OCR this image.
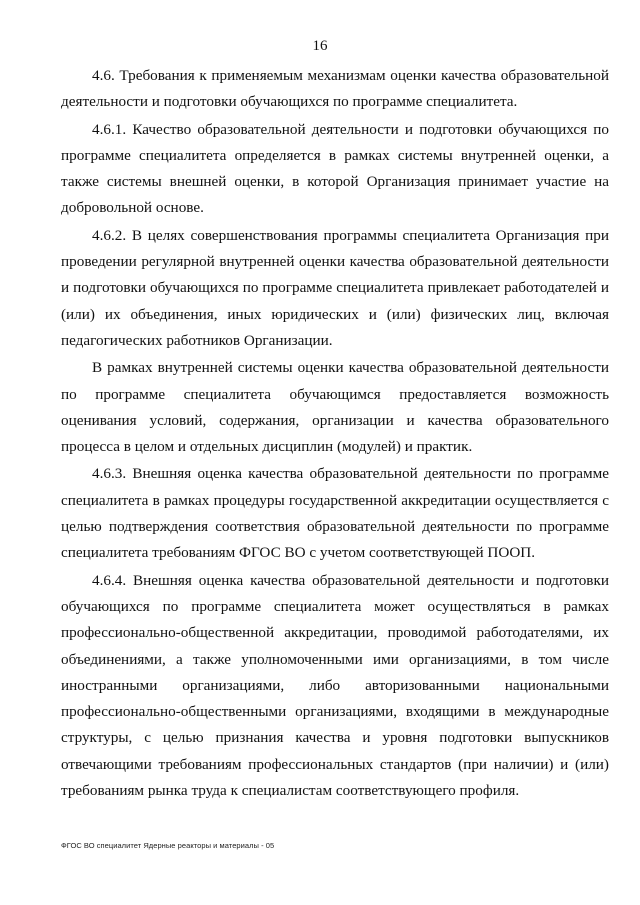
16

4.6. Требования к применяемым механизмам оценки качества образовательной деятельности и подготовки обучающихся по программе специалитета.

4.6.1. Качество образовательной деятельности и подготовки обучающихся по программе специалитета определяется в рамках системы внутренней оценки, а также системы внешней оценки, в которой Организация принимает участие на добровольной основе.

4.6.2. В целях совершенствования программы специалитета Организация при проведении регулярной внутренней оценки качества образовательной деятельности и подготовки обучающихся по программе специалитета привлекает работодателей и (или) их объединения, иных юридических и (или) физических лиц, включая педагогических работников Организации.

В рамках внутренней системы оценки качества образовательной деятельности по программе специалитета обучающимся предоставляется возможность оценивания условий, содержания, организации и качества образовательного процесса в целом и отдельных дисциплин (модулей) и практик.

4.6.3. Внешняя оценка качества образовательной деятельности по программе специалитета в рамках процедуры государственной аккредитации осуществляется с целью подтверждения соответствия образовательной деятельности по программе специалитета требованиям ФГОС ВО с учетом соответствующей ПООП.

4.6.4. Внешняя оценка качества образовательной деятельности и подготовки обучающихся по программе специалитета может осуществляться в рамках профессионально-общественной аккредитации, проводимой работодателями, их объединениями, а также уполномоченными ими организациями, в том числе иностранными организациями, либо авторизованными национальными профессионально-общественными организациями, входящими в международные структуры, с целью признания качества и уровня подготовки выпускников отвечающими требованиям профессиональных стандартов (при наличии) и (или) требованиям рынка труда к специалистам соответствующего профиля.

ФГОС ВО специалитет Ядерные реакторы и материалы - 05
